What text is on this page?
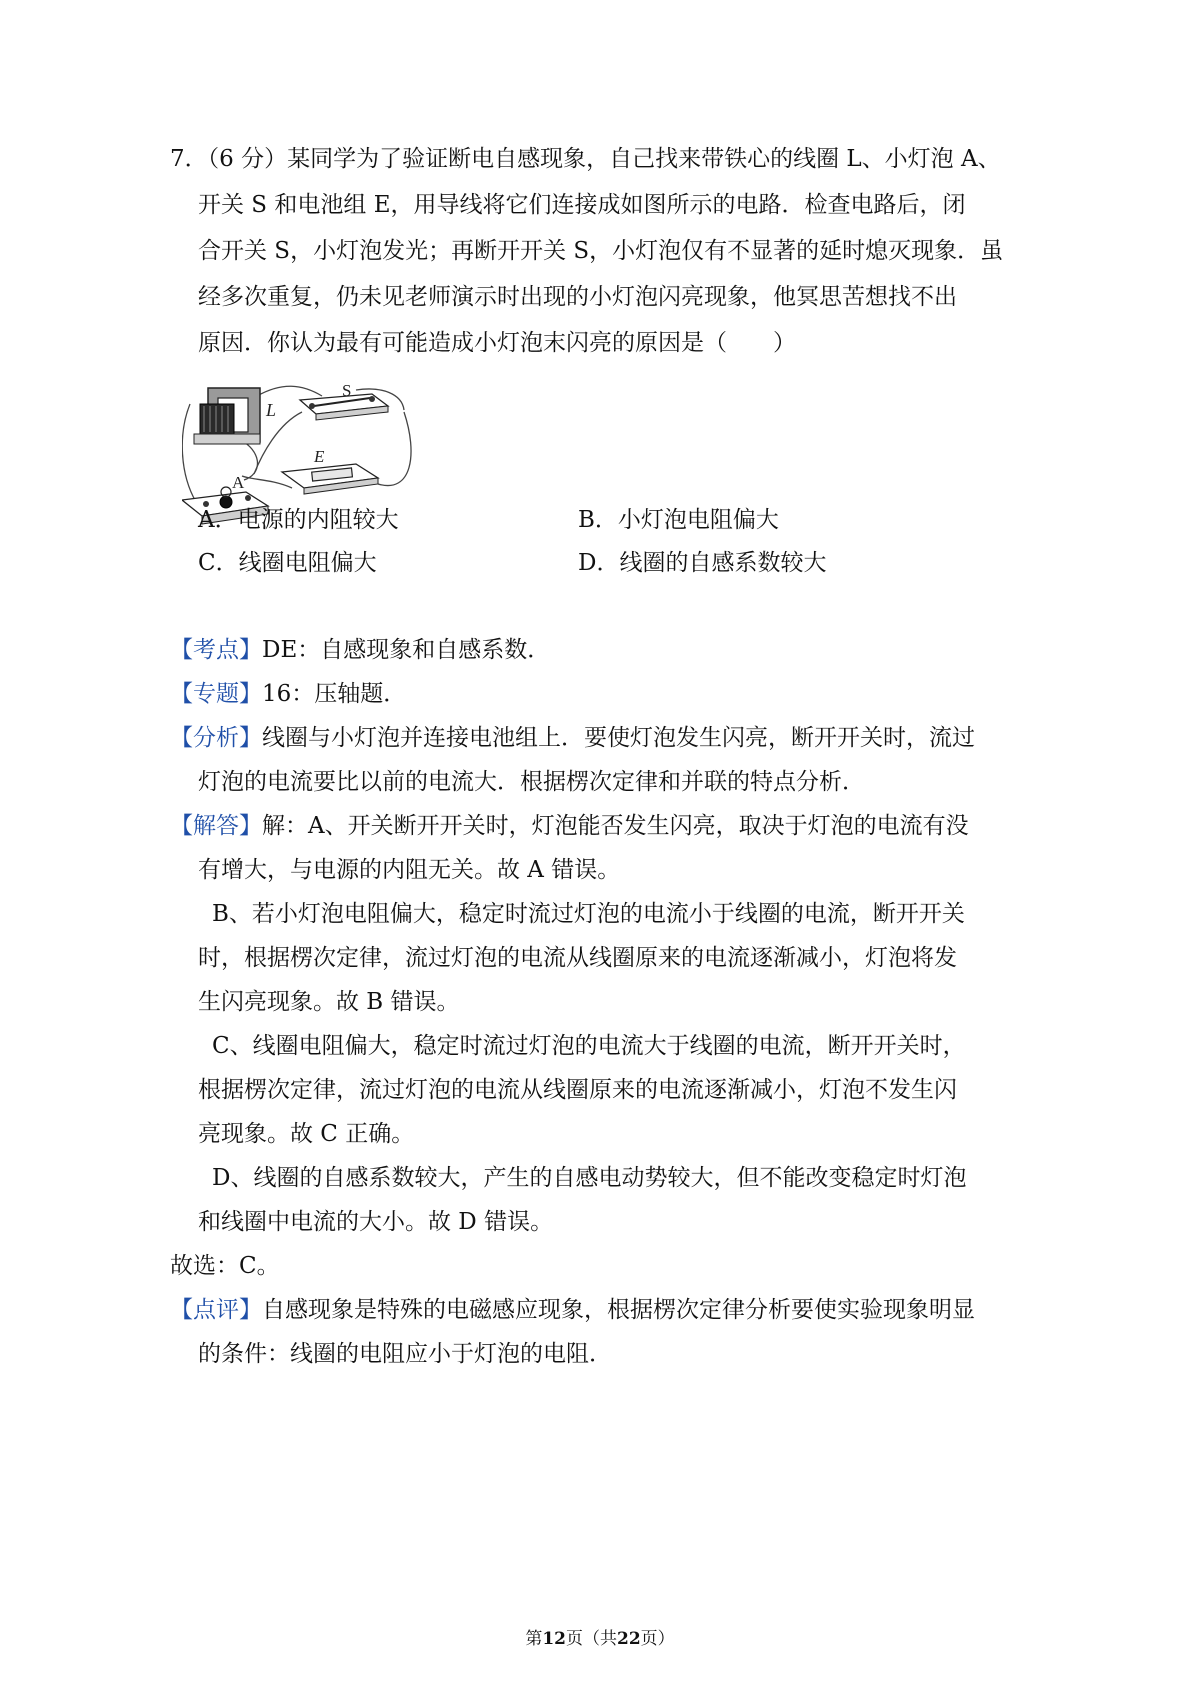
7．（6 分）某同学为了验证断电自感现象，自己找来带铁心的线圈 L、小灯泡 A、
开关 S 和电池组 E，用导线将它们连接成如图所示的电路．检查电路后，闭
合开关 S，小灯泡发光；再断开开关 S，小灯泡仅有不显著的延时熄灭现象．虽
经多次重复，仍未见老师演示时出现的小灯泡闪亮现象，他冥思苦想找不出
原因．你认为最有可能造成小灯泡末闪亮的原因是（　　）
L
S
E
A
A．电源的内阻较大	B．小灯泡电阻偏大
C．线圈电阻偏大	D．线圈的自感系数较大
【考点】DE：自感现象和自感系数．
【专题】16：压轴题．
【分析】线圈与小灯泡并连接电池组上．要使灯泡发生闪亮，断开开关时，流过
灯泡的电流要比以前的电流大．根据楞次定律和并联的特点分析．
【解答】解：A、开关断开开关时，灯泡能否发生闪亮，取决于灯泡的电流有没
有增大，与电源的内阻无关。故 A 错误。
B、若小灯泡电阻偏大，稳定时流过灯泡的电流小于线圈的电流，断开开关
时，根据楞次定律，流过灯泡的电流从线圈原来的电流逐渐减小，灯泡将发
生闪亮现象。故 B 错误。
C、线圈电阻偏大，稳定时流过灯泡的电流大于线圈的电流，断开开关时，
根据楞次定律，流过灯泡的电流从线圈原来的电流逐渐减小，灯泡不发生闪
亮现象。故 C 正确。
D、线圈的自感系数较大，产生的自感电动势较大，但不能改变稳定时灯泡
和线圈中电流的大小。故 D 错误。
故选：C。
【点评】自感现象是特殊的电磁感应现象，根据楞次定律分析要使实验现象明显
的条件：线圈的电阻应小于灯泡的电阻．
第12页（共22页）
